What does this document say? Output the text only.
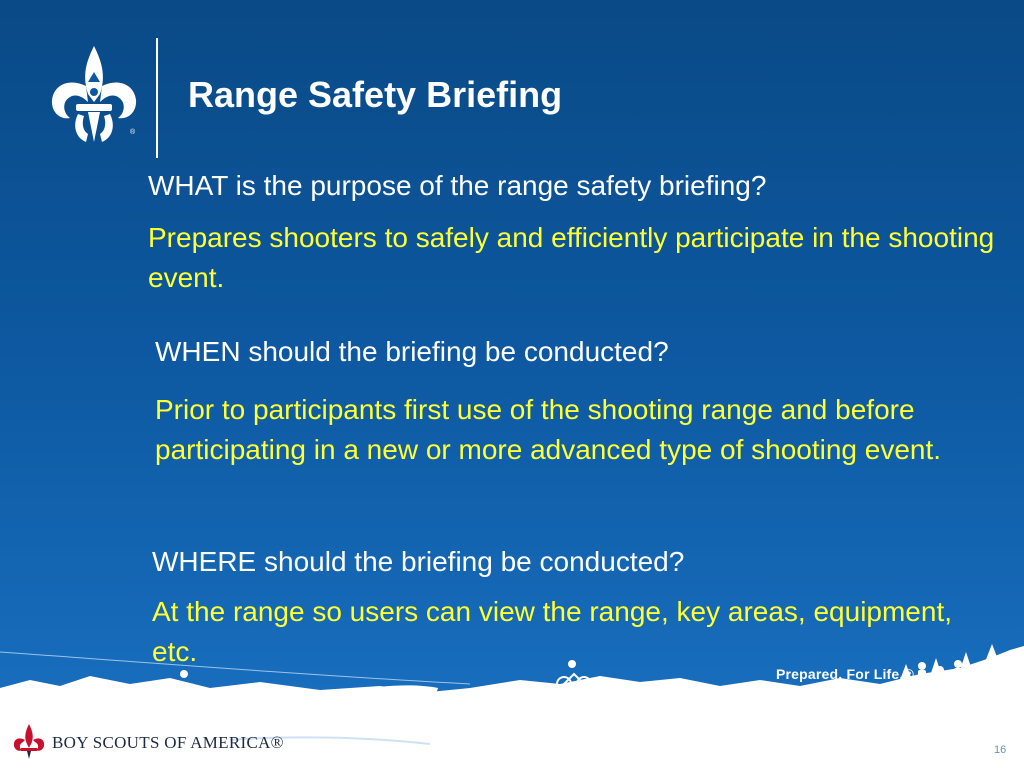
®
Range Safety Briefing
WHAT is the purpose of the range safety briefing?
Prepares shooters to safely and efficiently participate in the shooting event.
WHEN should the briefing be conducted?
Prior to participants first use of the shooting range and before participating in a new or more advanced type of shooting event.
WHERE should the briefing be conducted?
At the range so users can view the range, key areas, equipment, etc.
Prepared. For Life.®
BOY SCOUTS OF AMERICA®	16
